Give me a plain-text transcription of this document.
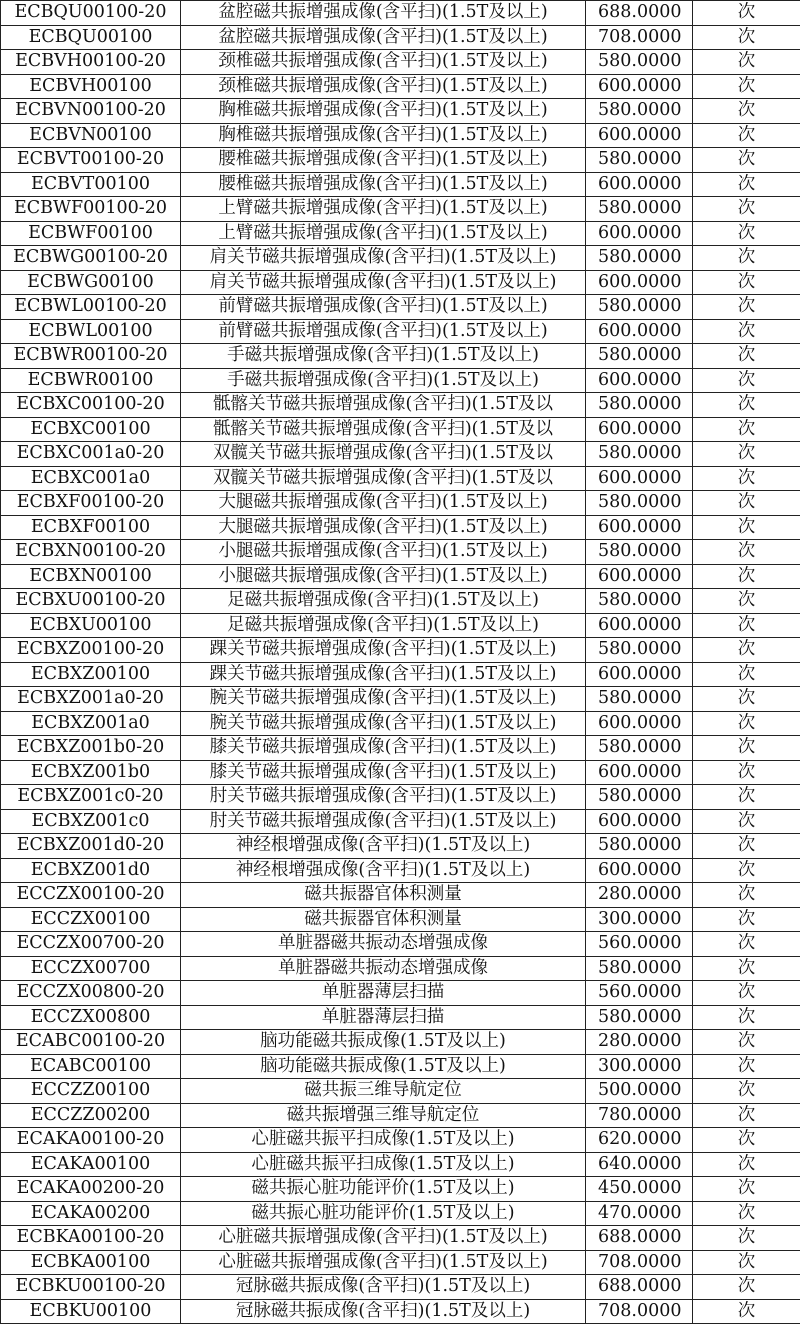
ECBQU00100-20	盆腔磁共振增强成像(含平扫)(1.5T及以上)	688.0000	次
ECBQU00100	盆腔磁共振增强成像(含平扫)(1.5T及以上)	708.0000	次
ECBVH00100-20	颈椎磁共振增强成像(含平扫)(1.5T及以上)	580.0000	次
ECBVH00100	颈椎磁共振增强成像(含平扫)(1.5T及以上)	600.0000	次
ECBVN00100-20	胸椎磁共振增强成像(含平扫)(1.5T及以上)	580.0000	次
ECBVN00100	胸椎磁共振增强成像(含平扫)(1.5T及以上)	600.0000	次
ECBVT00100-20	腰椎磁共振增强成像(含平扫)(1.5T及以上)	580.0000	次
ECBVT00100	腰椎磁共振增强成像(含平扫)(1.5T及以上)	600.0000	次
ECBWF00100-20	上臂磁共振增强成像(含平扫)(1.5T及以上)	580.0000	次
ECBWF00100	上臂磁共振增强成像(含平扫)(1.5T及以上)	600.0000	次
ECBWG00100-20	肩关节磁共振增强成像(含平扫)(1.5T及以上)	580.0000	次
ECBWG00100	肩关节磁共振增强成像(含平扫)(1.5T及以上)	600.0000	次
ECBWL00100-20	前臂磁共振增强成像(含平扫)(1.5T及以上)	580.0000	次
ECBWL00100	前臂磁共振增强成像(含平扫)(1.5T及以上)	600.0000	次
ECBWR00100-20	手磁共振增强成像(含平扫)(1.5T及以上)	580.0000	次
ECBWR00100	手磁共振增强成像(含平扫)(1.5T及以上)	600.0000	次
ECBXC00100-20	骶髂关节磁共振增强成像(含平扫)(1.5T及以	580.0000	次
ECBXC00100	骶髂关节磁共振增强成像(含平扫)(1.5T及以	600.0000	次
ECBXC001a0-20	双髋关节磁共振增强成像(含平扫)(1.5T及以	580.0000	次
ECBXC001a0	双髋关节磁共振增强成像(含平扫)(1.5T及以	600.0000	次
ECBXF00100-20	大腿磁共振增强成像(含平扫)(1.5T及以上)	580.0000	次
ECBXF00100	大腿磁共振增强成像(含平扫)(1.5T及以上)	600.0000	次
ECBXN00100-20	小腿磁共振增强成像(含平扫)(1.5T及以上)	580.0000	次
ECBXN00100	小腿磁共振增强成像(含平扫)(1.5T及以上)	600.0000	次
ECBXU00100-20	足磁共振增强成像(含平扫)(1.5T及以上)	580.0000	次
ECBXU00100	足磁共振增强成像(含平扫)(1.5T及以上)	600.0000	次
ECBXZ00100-20	踝关节磁共振增强成像(含平扫)(1.5T及以上)	580.0000	次
ECBXZ00100	踝关节磁共振增强成像(含平扫)(1.5T及以上)	600.0000	次
ECBXZ001a0-20	腕关节磁共振增强成像(含平扫)(1.5T及以上)	580.0000	次
ECBXZ001a0	腕关节磁共振增强成像(含平扫)(1.5T及以上)	600.0000	次
ECBXZ001b0-20	膝关节磁共振增强成像(含平扫)(1.5T及以上)	580.0000	次
ECBXZ001b0	膝关节磁共振增强成像(含平扫)(1.5T及以上)	600.0000	次
ECBXZ001c0-20	肘关节磁共振增强成像(含平扫)(1.5T及以上)	580.0000	次
ECBXZ001c0	肘关节磁共振增强成像(含平扫)(1.5T及以上)	600.0000	次
ECBXZ001d0-20	神经根增强成像(含平扫)(1.5T及以上)	580.0000	次
ECBXZ001d0	神经根增强成像(含平扫)(1.5T及以上)	600.0000	次
ECCZX00100-20	磁共振器官体积测量	280.0000	次
ECCZX00100	磁共振器官体积测量	300.0000	次
ECCZX00700-20	单脏器磁共振动态增强成像	560.0000	次
ECCZX00700	单脏器磁共振动态增强成像	580.0000	次
ECCZX00800-20	单脏器薄层扫描	560.0000	次
ECCZX00800	单脏器薄层扫描	580.0000	次
ECABC00100-20	脑功能磁共振成像(1.5T及以上)	280.0000	次
ECABC00100	脑功能磁共振成像(1.5T及以上)	300.0000	次
ECCZZ00100	磁共振三维导航定位	500.0000	次
ECCZZ00200	磁共振增强三维导航定位	780.0000	次
ECAKA00100-20	心脏磁共振平扫成像(1.5T及以上)	620.0000	次
ECAKA00100	心脏磁共振平扫成像(1.5T及以上)	640.0000	次
ECAKA00200-20	磁共振心脏功能评价(1.5T及以上)	450.0000	次
ECAKA00200	磁共振心脏功能评价(1.5T及以上)	470.0000	次
ECBKA00100-20	心脏磁共振增强成像(含平扫)(1.5T及以上)	688.0000	次
ECBKA00100	心脏磁共振增强成像(含平扫)(1.5T及以上)	708.0000	次
ECBKU00100-20	冠脉磁共振成像(含平扫)(1.5T及以上)	688.0000	次
ECBKU00100	冠脉磁共振成像(含平扫)(1.5T及以上)	708.0000	次
